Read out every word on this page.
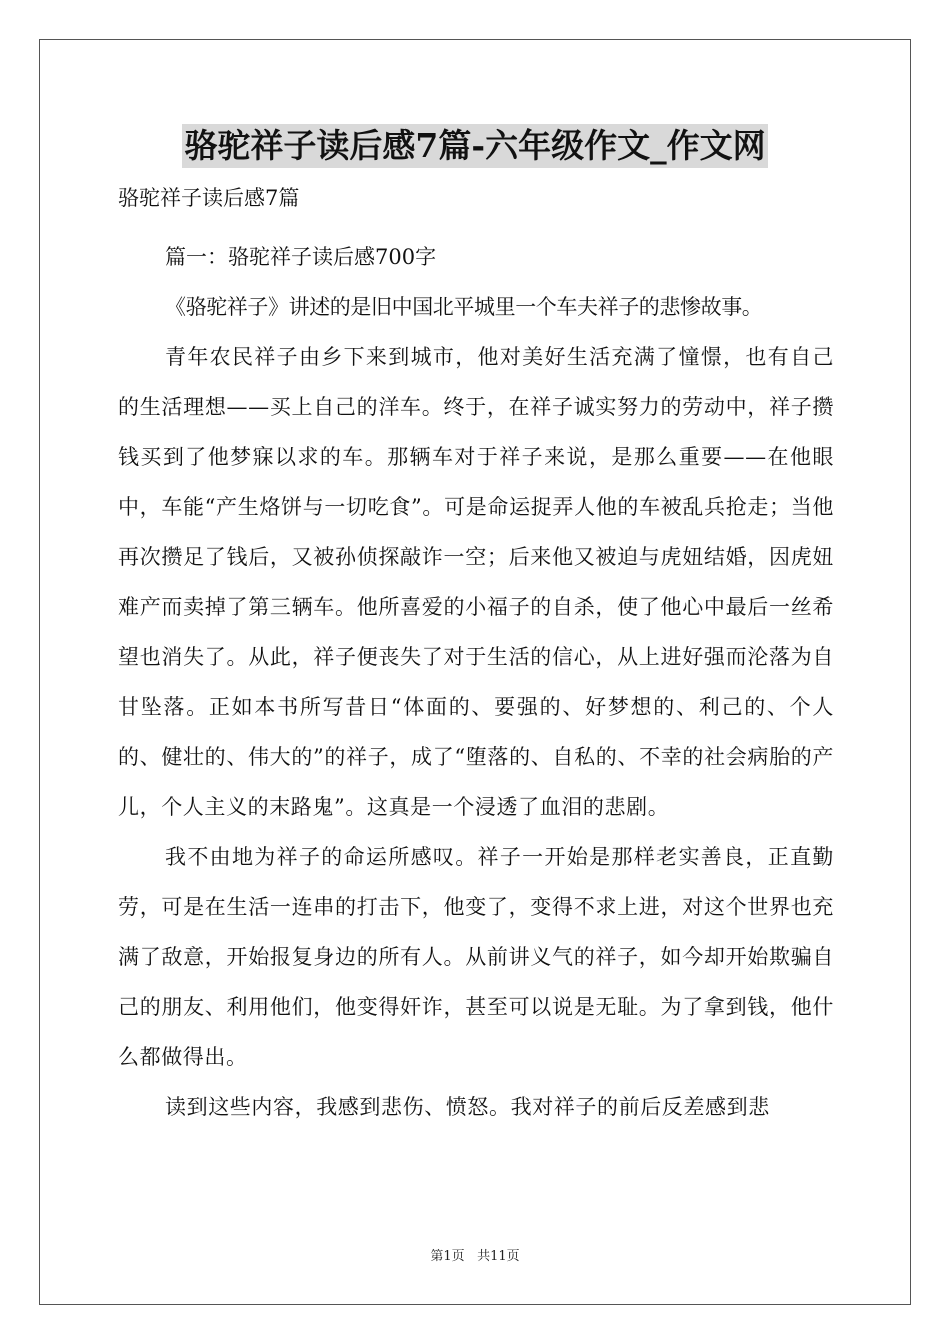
骆驼祥子读后感7篇-六年级作文_作文网
骆驼祥子读后感7篇

篇一：骆驼祥子读后感700字

《骆驼祥子》讲述的是旧中国北平城里一个车夫祥子的悲惨故事。

青年农民祥子由乡下来到城市，他对美好生活充满了憧憬，也有自己的生活理想——买上自己的洋车。终于，在祥子诚实努力的劳动中，祥子攒钱买到了他梦寐以求的车。那辆车对于祥子来说，是那么重要——在他眼中，车能“产生烙饼与一切吃食”。可是命运捉弄人他的车被乱兵抢走；当他再次攒足了钱后，又被孙侦探敲诈一空；后来他又被迫与虎妞结婚，因虎妞难产而卖掉了第三辆车。他所喜爱的小福子的自杀，使了他心中最后一丝希望也消失了。从此，祥子便丧失了对于生活的信心，从上进好强而沦落为自甘坠落。正如本书所写昔日“体面的、要强的、好梦想的、利己的、个人的、健壮的、伟大的”的祥子，成了“堕落的、自私的、不幸的社会病胎的产儿，个人主义的末路鬼”。这真是一个浸透了血泪的悲剧。

我不由地为祥子的命运所感叹。祥子一开始是那样老实善良，正直勤劳，可是在生活一连串的打击下，他变了，变得不求上进，对这个世界也充满了敌意，开始报复身边的所有人。从前讲义气的祥子，如今却开始欺骗自己的朋友、利用他们，他变得奸诈，甚至可以说是无耻。为了拿到钱，他什么都做得出。

读到这些内容，我感到悲伤、愤怒。我对祥子的前后反差感到悲

第1页 共11页
